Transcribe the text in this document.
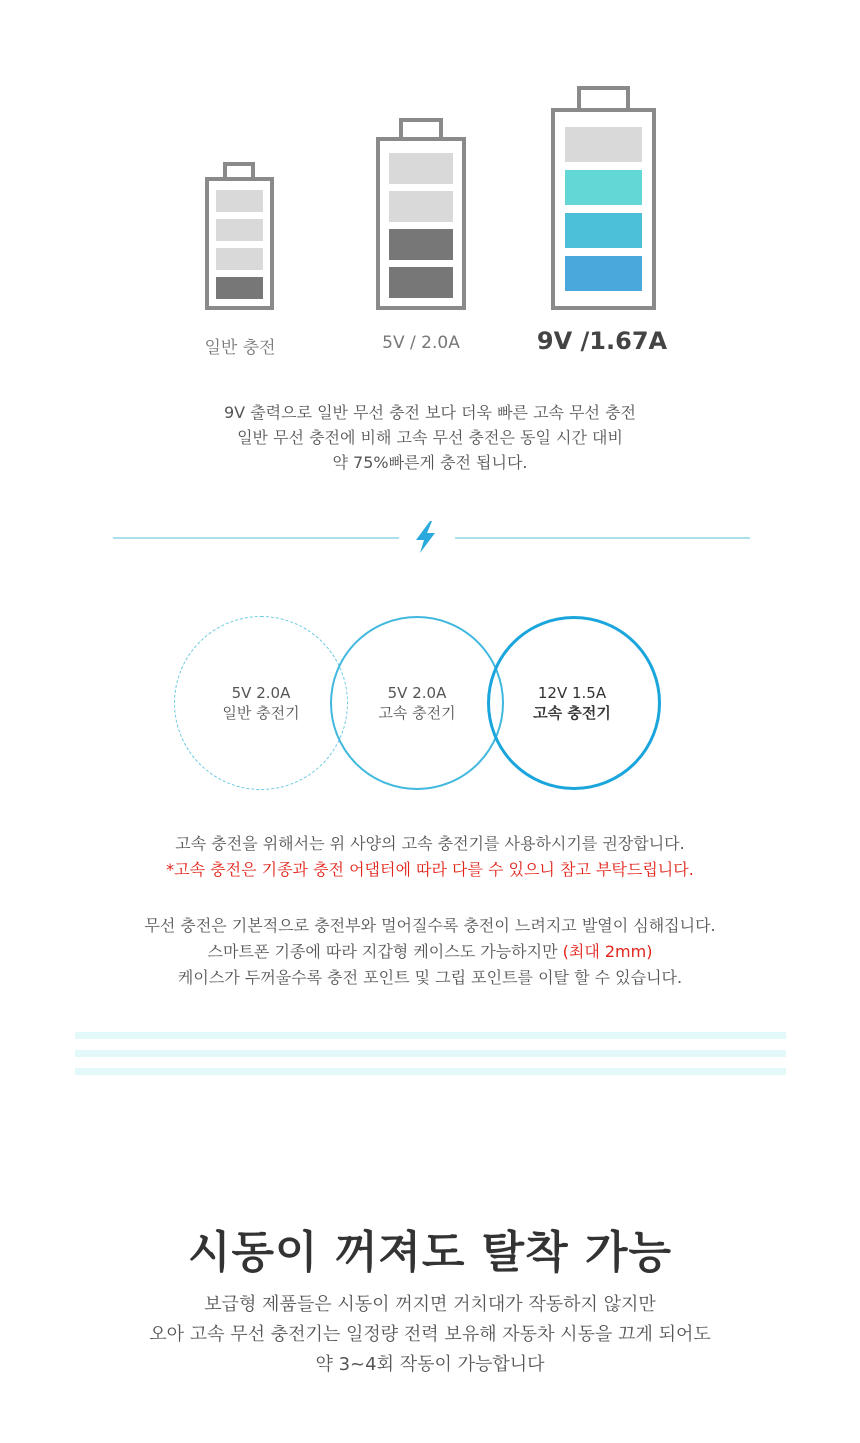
일반 충전	5V / 2.0A	9V /1.67A
9V 출력으로 일반 무선 충전 보다 더욱 빠른 고속 무선 충전
일반 무선 충전에 비해 고속 무선 충전은 동일 시간 대비
약 75%빠른게 충전 됩니다.
5V 2.0A
일반 충전기
5V 2.0A
고속 충전기
12V 1.5A
고속 충전기
고속 충전을 위해서는 위 사양의 고속 충전기를 사용하시기를 권장합니다.
*고속 충전은 기종과 충전 어댑터에 따라 다를 수 있으니 참고 부탁드립니다.
무선 충전은 기본적으로 충전부와 멀어질수록 충전이 느려지고 발열이 심해집니다.
스마트폰 기종에 따라 지갑형 케이스도 가능하지만 (최대 2mm)
케이스가 두꺼울수록 충전 포인트 및 그립 포인트를 이탈 할 수 있습니다.
시동이 꺼져도 탈착 가능
보급형 제품들은 시동이 꺼지면 거치대가 작동하지 않지만
오아 고속 무선 충전기는 일정량 전력 보유해 자동차 시동을 끄게 되어도
약 3~4회 작동이 가능합니다
